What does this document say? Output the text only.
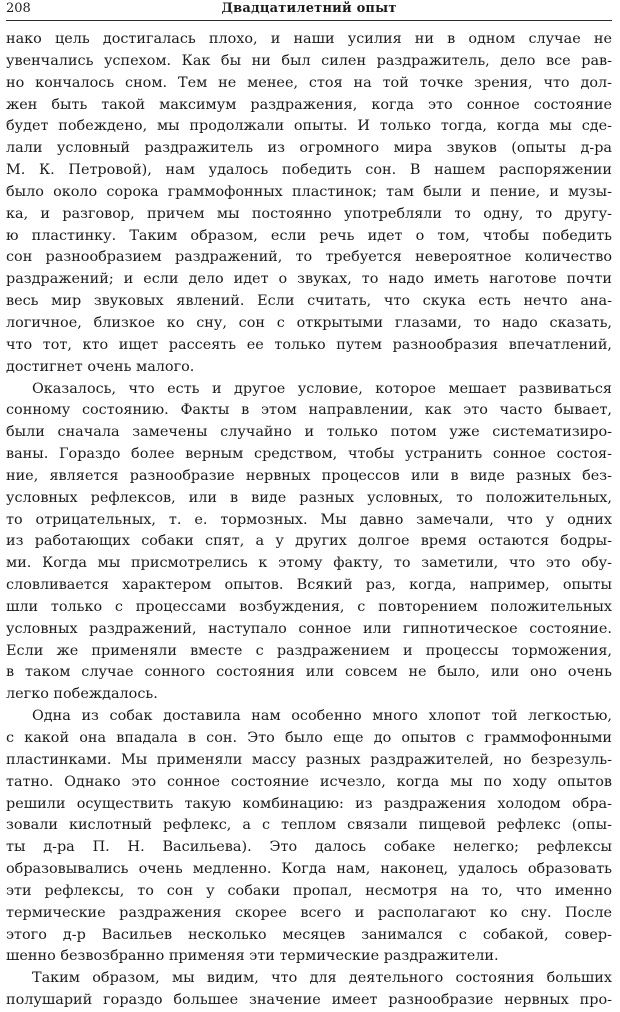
208	Двадцатилетний опыт
нако цель достигалась плохо, и наши усилия ни в одном случае не
увенчались успехом. Как бы ни был силен раздражитель, дело все рав-
но кончалось сном. Тем не менее, стоя на той точке зрения, что дол-
жен быть такой максимум раздражения, когда это сонное состояние
будет побеждено, мы продолжали опыты. И только тогда, когда мы сде-
лали условный раздражитель из огромного мира звуков (опыты д-ра
М. К. Петровой), нам удалось победить сон. В нашем распоряжении
было около сорока граммофонных пластинок; там были и пение, и музы-
ка, и разговор, причем мы постоянно употребляли то одну, то другу-
ю пластинку. Таким образом, если речь идет о том, чтобы победить
сон разнообразием раздражений, то требуется невероятное количество
раздражений; и если дело идет о звуках, то надо иметь наготове почти
весь мир звуковых явлений. Если считать, что скука есть нечто ана-
логичное, близкое ко сну, сон с открытыми глазами, то надо сказать,
что тот, кто ищет рассеять ее только путем разнообразия впечатлений,
достигнет очень малого.
Оказалось, что есть и другое условие, которое мешает развиваться
сонному состоянию. Факты в этом направлении, как это часто бывает,
были сначала замечены случайно и только потом уже систематизиро-
ваны. Гораздо более верным средством, чтобы устранить сонное состоя-
ние, является разнообразие нервных процессов или в виде разных без-
условных рефлексов, или в виде разных условных, то положительных,
то отрицательных, т. е. тормозных. Мы давно замечали, что у одних
из работающих собаки спят, а у других долгое время остаются бодры-
ми. Когда мы присмотрелись к этому факту, то заметили, что это обу-
словливается характером опытов. Всякий раз, когда, например, опыты
шли только с процессами возбуждения, с повторением положительных
условных раздражений, наступало сонное или гипнотическое состояние.
Если же применяли вместе с раздражением и процессы торможения,
в таком случае сонного состояния или совсем не было, или оно очень
легко побеждалось.
Одна из собак доставила нам особенно много хлопот той легкостью,
с какой она впадала в сон. Это было еще до опытов с граммофонными
пластинками. Мы применяли массу разных раздражителей, но безрезуль-
татно. Однако это сонное состояние исчезло, когда мы по ходу опытов
решили осуществить такую комбинацию: из раздражения холодом обра-
зовали кислотный рефлекс, а с теплом связали пищевой рефлекс (опы-
ты д-ра П. Н. Васильева). Это далось собаке нелегко; рефлексы
образовывались очень медленно. Когда нам, наконец, удалось образовать
эти рефлексы, то сон у собаки пропал, несмотря на то, что именно
термические раздражения скорее всего и располагают ко сну. После
этого д-р Васильев несколько месяцев занимался с собакой, совер-
шенно безвозбранно применяя эти термические раздражители.
Таким образом, мы видим, что для деятельного состояния больших
полушарий гораздо большее значение имеет разнообразие нервных про-
